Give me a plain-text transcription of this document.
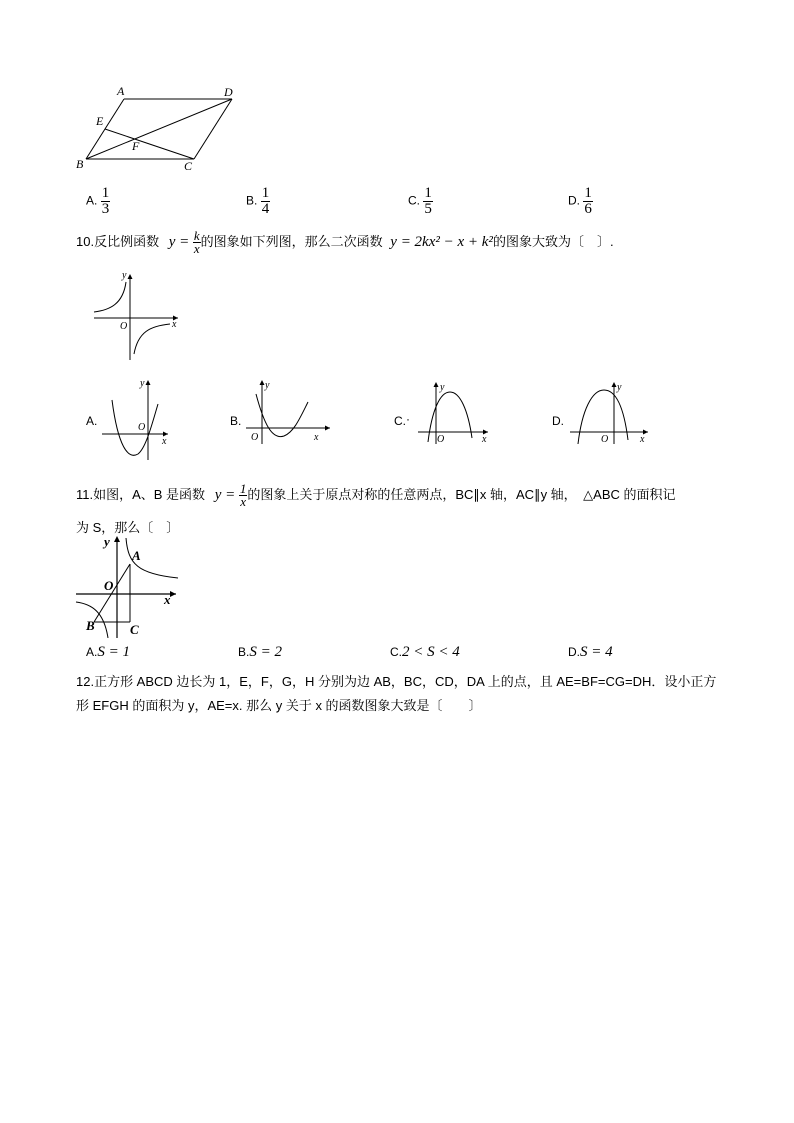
A	D
E
F
B	C
A. $\frac{1}{3}$	B. $\frac{1}{4}$	C. $\frac{1}{5}$	D. $\frac{1}{6}$
10.反比例函数 $y = \frac{k}{x}$ 的图象如下列图，那么二次函数 y = 2kx² − x + k²的图象大致为〔　〕.
y
O	x
A.
y
O
x
B.
y
O	x
C. ·
y
O	x
D.
y
O	x
11.如图，A、B 是函数 $y = \frac{1}{x}$ 的图象上关于原点对称的任意两点，BC∥x 轴，AC∥y 轴，　△ABC 的面积记
为 S，那么〔　〕
y
A
O
x
B	C
A.S = 1	B.S = 2	C.2 < S < 4	D.S = 4
12.正方形 ABCD 边长为 1，E，F，G，H 分别为边 AB，BC，CD，DA 上的点，且 AE=BF=CG=DH．设小正方
形 EFGH 的面积为 y，AE=x. 那么 y 关于 x 的函数图象大致是〔　　〕
